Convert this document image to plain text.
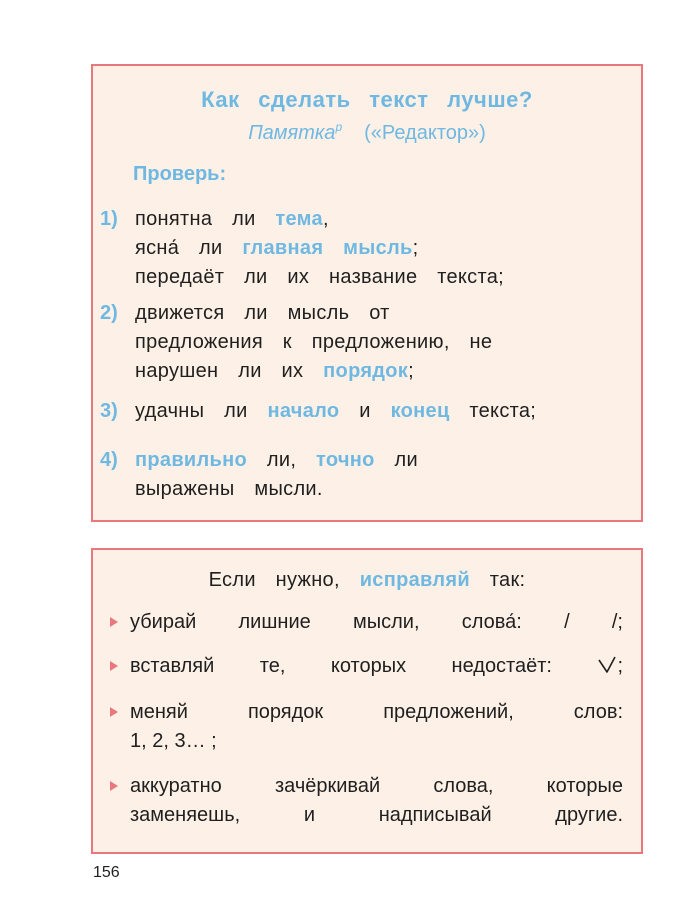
Как сделать текст лучше?
Памятка$^р$ («Редактор»)
Проверь:
1) понятна ли тема,
ясна́ ли главная мысль;
передаёт ли их название текста;
2) движется ли мысль от
предложения к предложению, не
нарушен ли их порядок;
3) удачны ли начало и конец текста;
4) правильно ли, точно ли
выражены мысли.
Если нужно, исправляй так:
убирай лишние мысли, слова́: / /;
вставляй те, которых недостаёт: ;
меняй порядок предложений, слов:
1, 2, 3… ;
аккуратно зачёркивай слова, которые
заменяешь, и надписывай другие.
156
